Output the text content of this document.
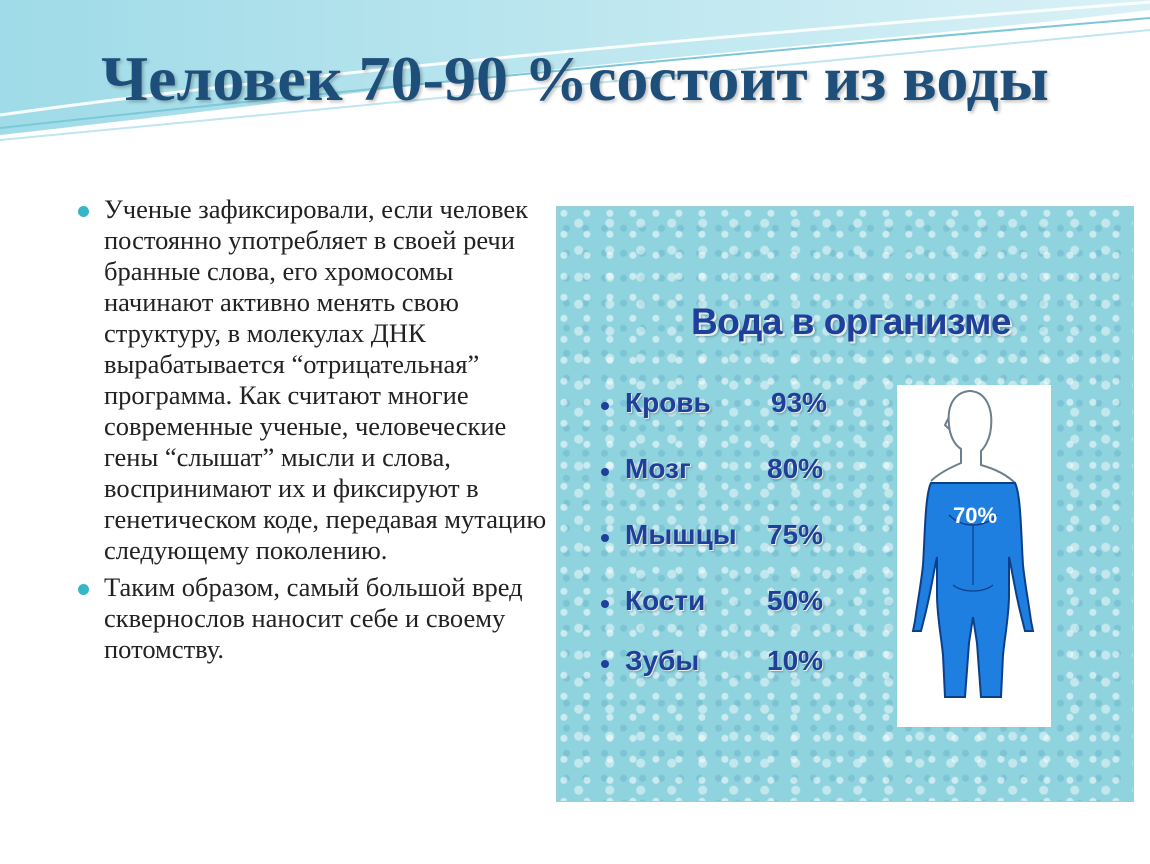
Человек 70-90 %состоит из воды
Ученые зафиксировали, если человек постоянно употребляет в своей речи бранные слова, его хромосомы начинают активно менять свою структуру, в молекулах ДНК вырабатывается “отрицательная” программа. Как считают многие современные ученые, человеческие гены “слышат” мысли и слова, воспринимают их и фиксируют в генетическом коде, передавая мутацию следующему поколению.
Таким образом, самый большой вред сквернослов наносит себе и своему потомству.
Вода в организме
Кровь 93%
Мозг	80%
Мышцы 75%
Кости 50%
Зубы 10%
70%
